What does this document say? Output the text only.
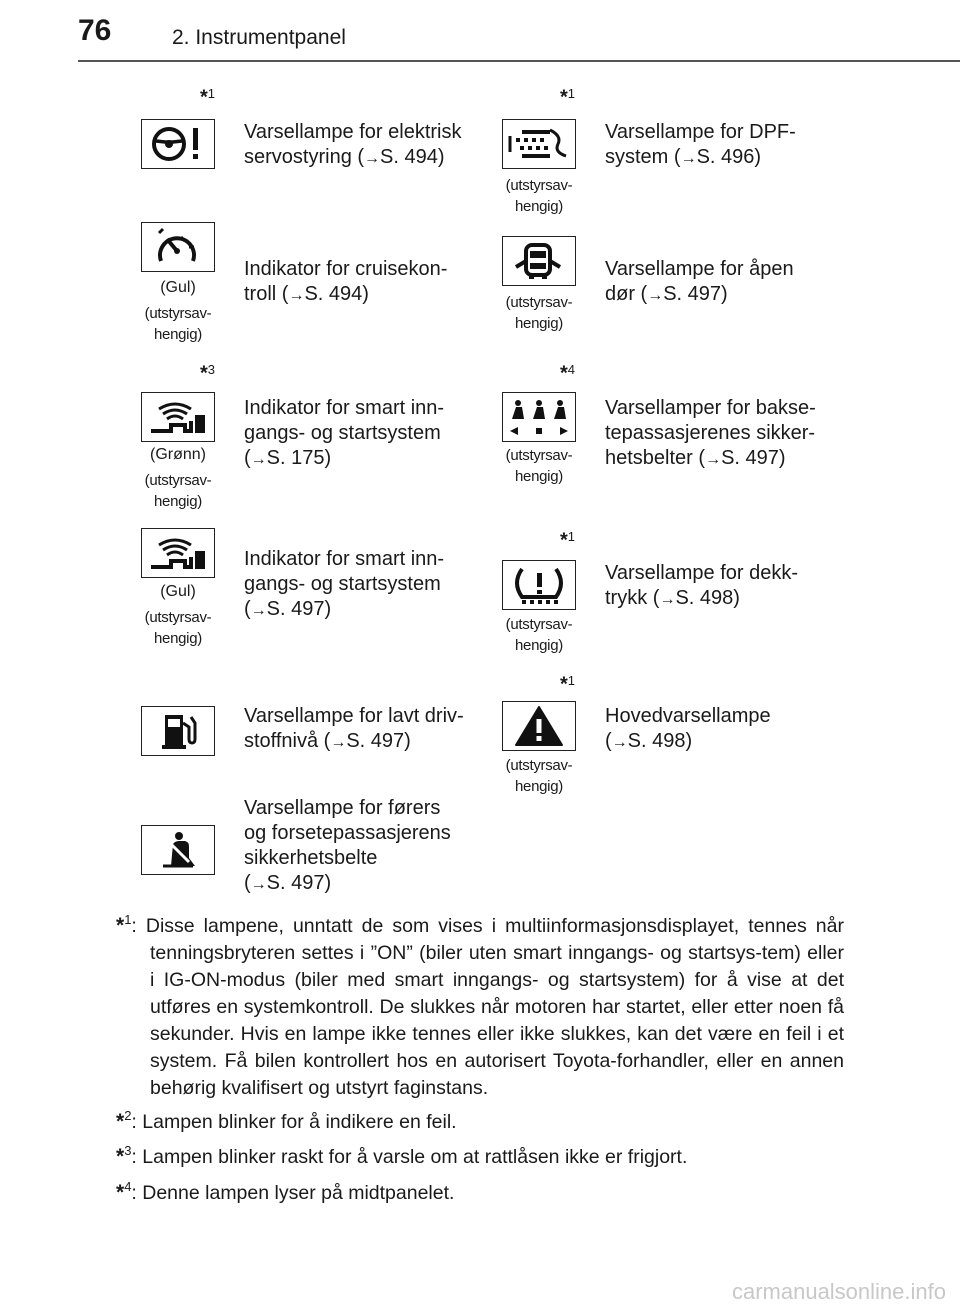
76	2. Instrumentpanel
*$^1$
Varsellampe for elektrisk
servostyring (→S. 494)
*$^1$
(utstyrsav-
hengig)
Varsellampe for DPF-
system (→S. 496)
(Gul)
(utstyrsav-
hengig)
Indikator for cruisekon-
troll (→S. 494)	(utstyrsav-
hengig)
Varsellampe for åpen
dør (→S. 497)
*$^3$
(Grønn)
(utstyrsav-
hengig)
Indikator for smart inn-
gangs- og startsystem
(→S. 175)
*$^4$
(utstyrsav-
hengig)
Varsellamper for bakse-
tepassasjerenes sikker-
hetsbelter (→S. 497)
(Gul)
(utstyrsav-
hengig)
Indikator for smart inn-
gangs- og startsystem
(→S. 497)
*$^1$
(utstyrsav-
hengig)
Varsellampe for dekk-
trykk (→S. 498)
Varsellampe for lavt driv-
stoffnivå (→S. 497)
*$^1$
(utstyrsav-
hengig)
Hovedvarsellampe
(→S. 498)
Varsellampe for førers
og forsetepassasjerens
sikkerhetsbelte
(→S. 497)
*$^1$: Disse lampene, unntatt de som vises i multiinformasjonsdisplayet, tennes når tenningsbryteren settes i ”ON” (biler uten smart inngangs- og startsys-tem) eller i IG-ON-modus (biler med smart inngangs- og startsystem) for å vise at det utføres en systemkontroll. De slukkes når motoren har startet, eller etter noen få sekunder. Hvis en lampe ikke tennes eller ikke slukkes, kan det være en feil i et system. Få bilen kontrollert hos en autorisert Toyota-forhandler, eller en annen behørig kvalifisert og utstyrt faginstans.
*$^2$: Lampen blinker for å indikere en feil.
*$^3$: Lampen blinker raskt for å varsle om at rattlåsen ikke er frigjort.
*$^4$: Denne lampen lyser på midtpanelet.
carmanualsonline.info
